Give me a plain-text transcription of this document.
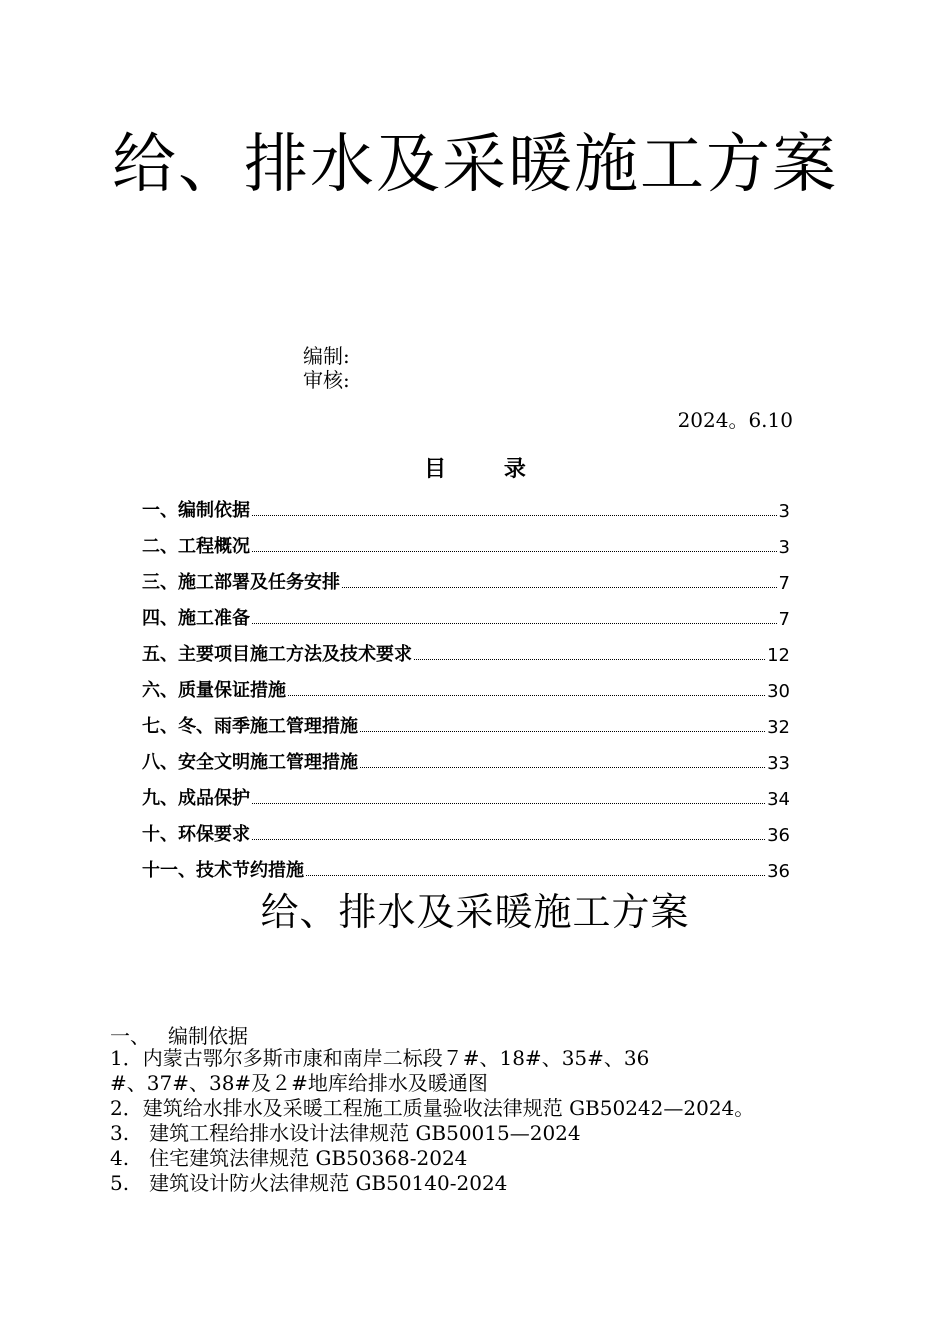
给、排水及采暖施工方案
编制:
审核:
2024。6.10
目 录
一、编制依据	3
二、工程概况	3
三、施工部署及任务安排	7
四、施工准备	7
五、主要项目施工方法及技术要求	12
六、质量保证措施	30
七、冬、雨季施工管理措施	32
八、安全文明施工管理措施	33
九、成品保护	34
十、环保要求	36
十一、技术节约措施	36
给、排水及采暖施工方案
一、 编制依据
1．内蒙古鄂尔多斯市康和南岸二标段７#、18#、35#、36
#、37#、38#及２#地库给排水及暖通图
2．建筑给水排水及采暖工程施工质量验收法律规范 GB50242—2024。
3.　建筑工程给排水设计法律规范 GB50015—2024
4.　住宅建筑法律规范 GB50368-2024
5.　建筑设计防火法律规范 GB50140-2024
